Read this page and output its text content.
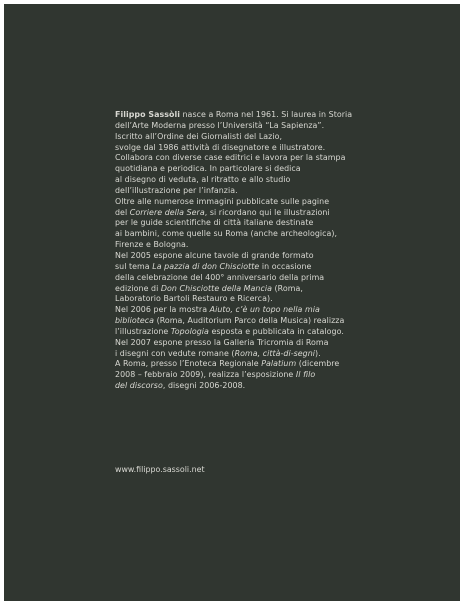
Filippo Sassòli nasce a Roma nel 1961. Si laurea in Storia
dell’Arte Moderna presso l’Università “La Sapienza”.
Iscritto all’Ordine dei Giornalisti del Lazio,
svolge dal 1986 attività di disegnatore e illustratore.
Collabora con diverse case editrici e lavora per la stampa
quotidiana e periodica. In particolare si dedica
al disegno di veduta, al ritratto e allo studio
dell’illustrazione per l’infanzia.
Oltre alle numerose immagini pubblicate sulle pagine
del Corriere della Sera, si ricordano qui le illustrazioni
per le guide scientifiche di città italiane destinate
ai bambini, come quelle su Roma (anche archeologica),
Firenze e Bologna.
Nel 2005 espone alcune tavole di grande formato
sul tema La pazzia di don Chisciotte in occasione
della celebrazione del 400° anniversario della prima
edizione di Don Chisciotte della Mancia (Roma,
Laboratorio Bartoli Restauro e Ricerca).
Nel 2006 per la mostra Aiuto, c’è un topo nella mia
biblioteca (Roma, Auditorium Parco della Musica) realizza
l’illustrazione Topologia esposta e pubblicata in catalogo.
Nel 2007 espone presso la Galleria Tricromia di Roma
i disegni con vedute romane (Roma, città-di-segni).
A Roma, presso l’Enoteca Regionale Palatium (dicembre
2008 – febbraio 2009), realizza l’esposizione Il filo
del discorso, disegni 2006-2008.
www.filippo.sassoli.net
